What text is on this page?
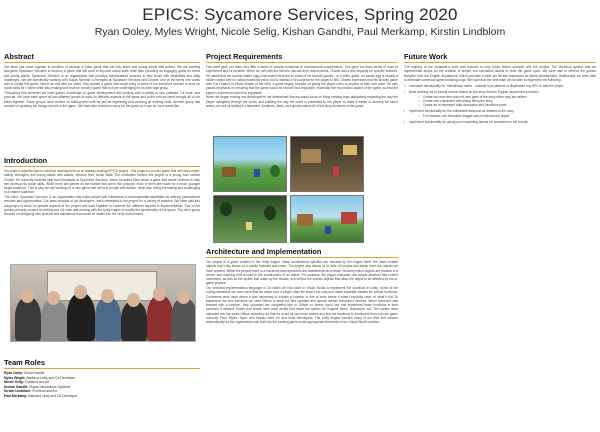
EPICS: Sycamore Services, Spring 2020
Ryan Ooley, Myles Wright, Nicole Selig, Kishan Gandhi, Paul Merkamp, Kirstin Lindblom
Abstract

Our team has come together to continue to develop a video game that will help teens and young adults with autism. We are working alongside Sycamore Services to develop a game that will work to improve social skills while also providing an engaging game for teens and young adults. Sycamore Services is an organization that provides individualized services to help those with disabilities and daily challenges. We are specifically working with Susan Norman, a therapist at Sycamore Services and Charlie, one of the teens she works with to create this game. When we met with our client, they wanted a game that would bring in some of the exercises needed to work on social skills for Charlie while also making sure that we create a game that is more challenging for an older age group.

Throughout this semester we have gained knowledge on game development and working with a variety of new software, C# code, and pixel art. We have each spent off into different groups to work on different aspects of the game and at the end we have brought all of our ideas together. Some groups have worked on adding new code as well as organizing and cleaning up existing code. Another group has worked on updating the design and art of the game. We have also received a story for the game so it can be more quest-like.

Introduction

Our team's objective was to continue development on an already existing EPICS project. This project is a video game that will help people, mainly teenagers and young adults with autism, develop their social skills. The motivation behind this project is a young man named Charlie. He currently receives help from therapists at Sycamore Services, where he asked them about a game that would continue to help him develop his social skills. While there are games on the market that serve this purpose, most of them are made for a much younger target audience. This is why we are working on a new game that will help people with autism, while also being interesting and challenging to a mature audience.

The client, Sycamore Services, is an organization that helps people with intellectual or developmental disabilities by offering personalized services and opportunities. Our team consists of six developers, each interested in the project for a variety of reasons. We have split into subgroups to focus on specific aspects of the project and work together to continue the different aspects in implementation. One of the groups primarily worked on writing new C# code and working with the Unity engine to modify the functionality of the game. The other group focused on designing new pixel art and animations that would be added into the Unity environment.

Team Roles
Ryan Ooley: Scrum master
Myles Wright: Backend Unity and C# Developer
Nicole Selig: Frontend and Art
Kishan Gandhi: Player Interactions Systems
Kirstin Lindblom: Frontend and Art
Paul Merkamp: Backend Unity and C# Developer
Project Requirements

The client gave our team very little in terms of specific functional or nonfunctional requirements. This gave our team plenty of room to experiment and be creative. When we met with the client to discuss their requirements, Charlie had a few requests for specific features. He asked that we include easter eggs that make reference to some of his favorite games - in a video game, an easter egg is usually a hidden object with no actual functional value, but is instead a fun surprise for the player to find. Charlie expressed that his favorite game was The Legend of Zelda: Breath of the Wild, a game largely focused on giving the player room to explore at their own pace. He also placed emphasis on ensuring that the game would be smooth and enjoyable, especially the exploration aspect of the game, so that the player's experience would be enjoyable.

When we began moving into development, we determined that we would focus on fixing existing bugs adequately regarding the way the player navigated through the world, and building the way the world is presented to the player to make it easier to develop for future teams, as well as adding in characters, locations, items, and quests based off of the story elements of the game.

Architecture and Implementation

Our project is a game created in the Unity engine. Many architectural specifics are handled by the engine itself. We have created objects that Unity allows us to easily replicate and reuse. The engine also allows us to write C# scripts and attach them the objects we have created. Within the project there is a hierarchy that represents the architecture as a whole, showing which objects are present in a scene, and anything that is used in the construction of an object. For example, the player character has scripts attached that control movement, as well as the sprites that make up the visuals, and behind the scenes objects that allow the object to be affected by the in-game physics.

Our selected implementation language is C# which we had used in Visual Studio to implement the functions in Unity. Some of the coding standards we used were that we made sure a single class file wasn't too long and made separate classes for certain functions. Comments were used where it was necessary to explain a function or line of code where it wasn't explicitly clear on what it did. To implement the new functions we used Github to keep our files updated and synced across everyone's devices. When someone was finished with a function, they uploaded the completed files to Github so others could use and implement those functions in their functions if needed. Kirstin and Nicole were pixel artists that made the sprites for in-game items, characters, etc. The sprites were uploaded into the same Github repository so that we could all use those sprites and test our functions to implement them into the game correctly. Paul, Myles, Ryan, and Kishan were C# and Unity developers. The Unity engine handles many of the files and classes automatically so the organization was built into the existing game under appropriate directories in the Visual Studio solution.

Future Work

The majority of the semester's work was focused to help future teams succeed with the project. The Medieval system that we implemented allows for the creation of simple, but consistent assets to build the game upon. We were able to retrieve the games storyline from the English department, which provides a clear yet flexible framework for future development. Additionally, we were able to eliminate numerous game-breaking bugs. We hope that the next team will be able to implement the following:

• Increased functionality for 'friendliness meter' - indicate how pleased or displeased any NPC is with the player
• Build working out of tutorial section based on the story that the English department provided
○ Create two new tiles which fit new parts of the story when they are written
○ Create new characters with dialog fitting the story
○ Create art to represent both decorative and functional parts
• Implement functionality for the collectable weapons as detailed in the story
○ For example, the throwable dagger which teleports the player
• Implement functionality for giving and completing quests for characters in the worlds.
